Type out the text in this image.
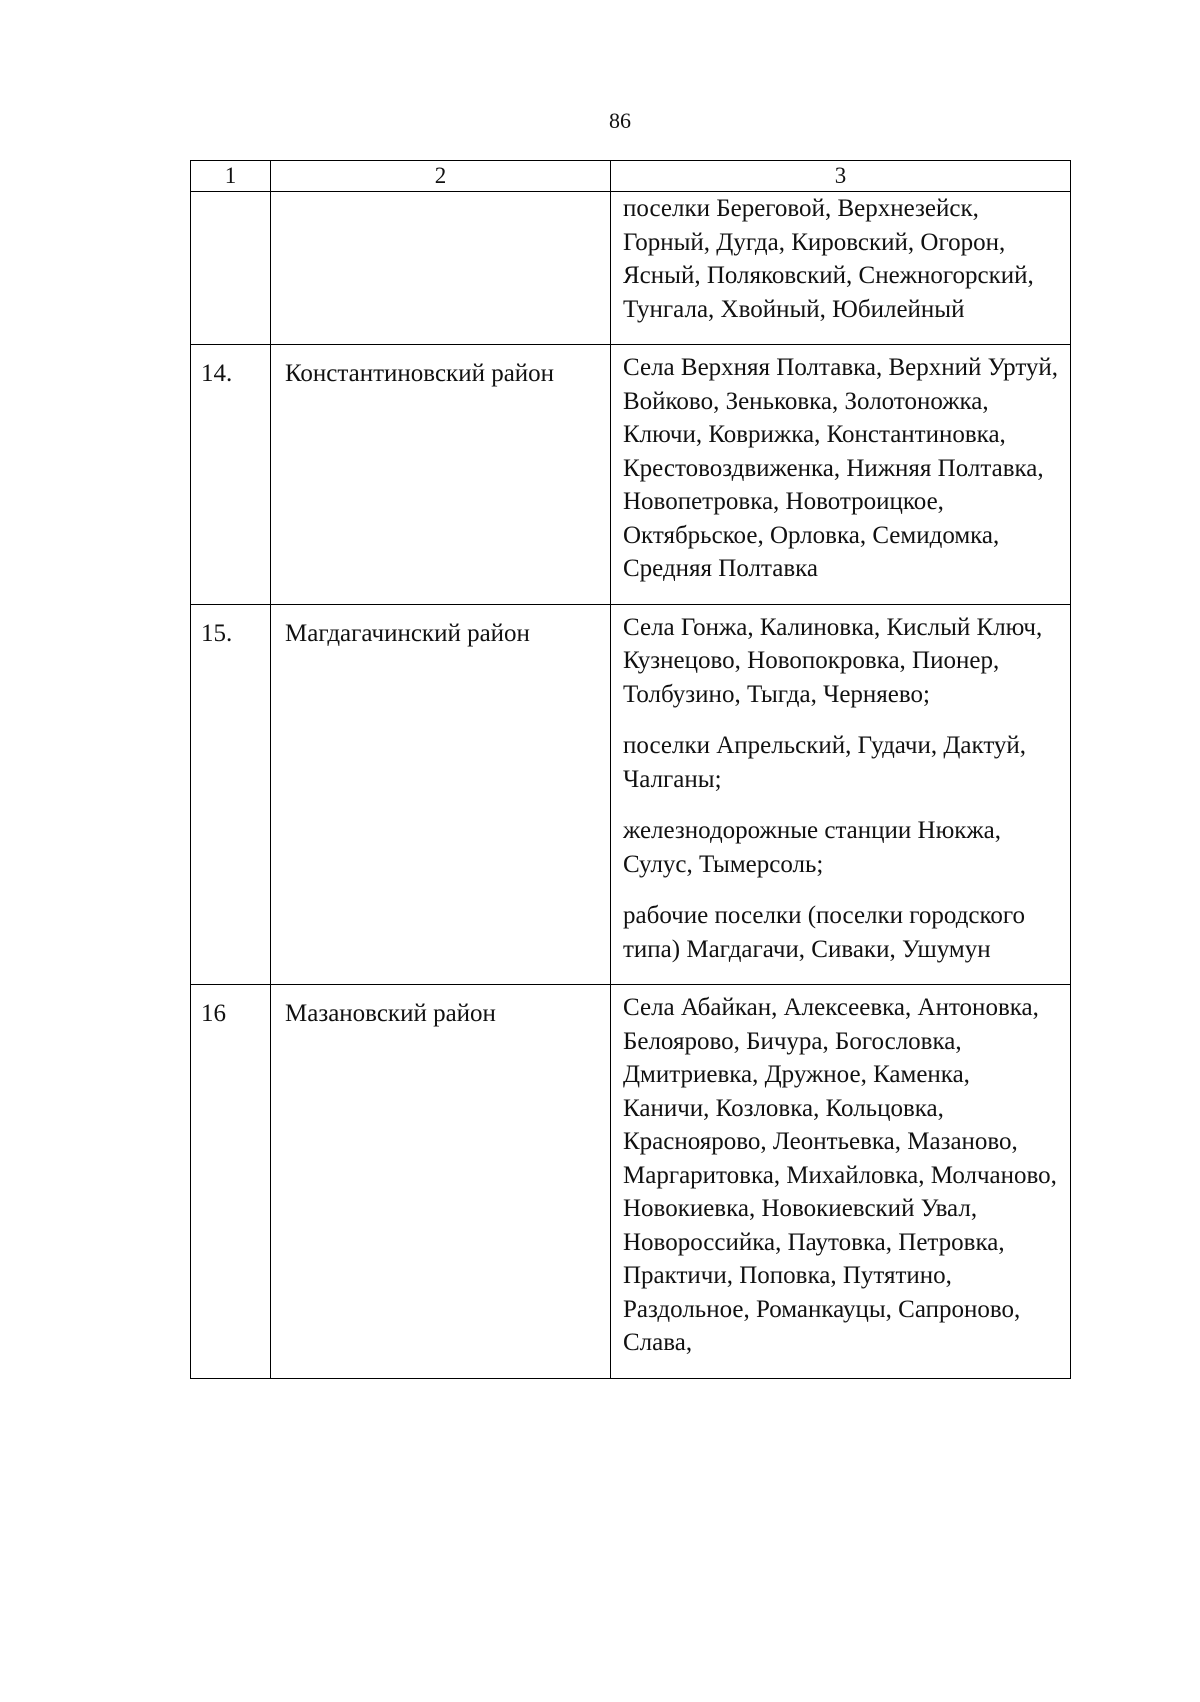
86
1	2	3

		поселки Береговой, Верхнезейск, Горный, Дугда, Кировский, Огорон, Ясный, Поляковский, Снежногорский, Тунгала, Хвойный, Юбилейный

14.	Константиновский район	Села Верхняя Полтавка, Верхний Уртуй, Войково, Зеньковка, Золотоножка, Ключи, Коврижка, Константиновка, Крестовоздвиженка, Нижняя Полтавка, Новопетровка, Новотроицкое, Октябрьское, Орловка, Семидомка, Средняя Полтавка

15.	Магдагачинский район	Села Гонжа, Калиновка, Кислый Ключ, Кузнецово, Новопокровка, Пионер, Толбузино, Тыгда, Черняево;

поселки Апрельский, Гудачи, Дактуй, Чалганы;

железнодорожные станции Нюкжа, Сулус, Тымерсоль;

рабочие поселки (поселки городского типа) Магдагачи, Сиваки, Ушумун

16	Мазановский район	Села Абайкан, Алексеевка, Антоновка, Белоярово, Бичура, Богословка, Дмитриевка, Дружное, Каменка, Каничи, Козловка, Кольцовка, Красноярово, Леонтьевка, Мазаново, Маргаритовка, Михайловка, Молчаново, Новокиевка, Новокиевский Увал, Новороссийка, Паутовка, Петровка, Практичи, Поповка, Путятино, Раздольное, Романкауцы, Сапроново, Слава,
